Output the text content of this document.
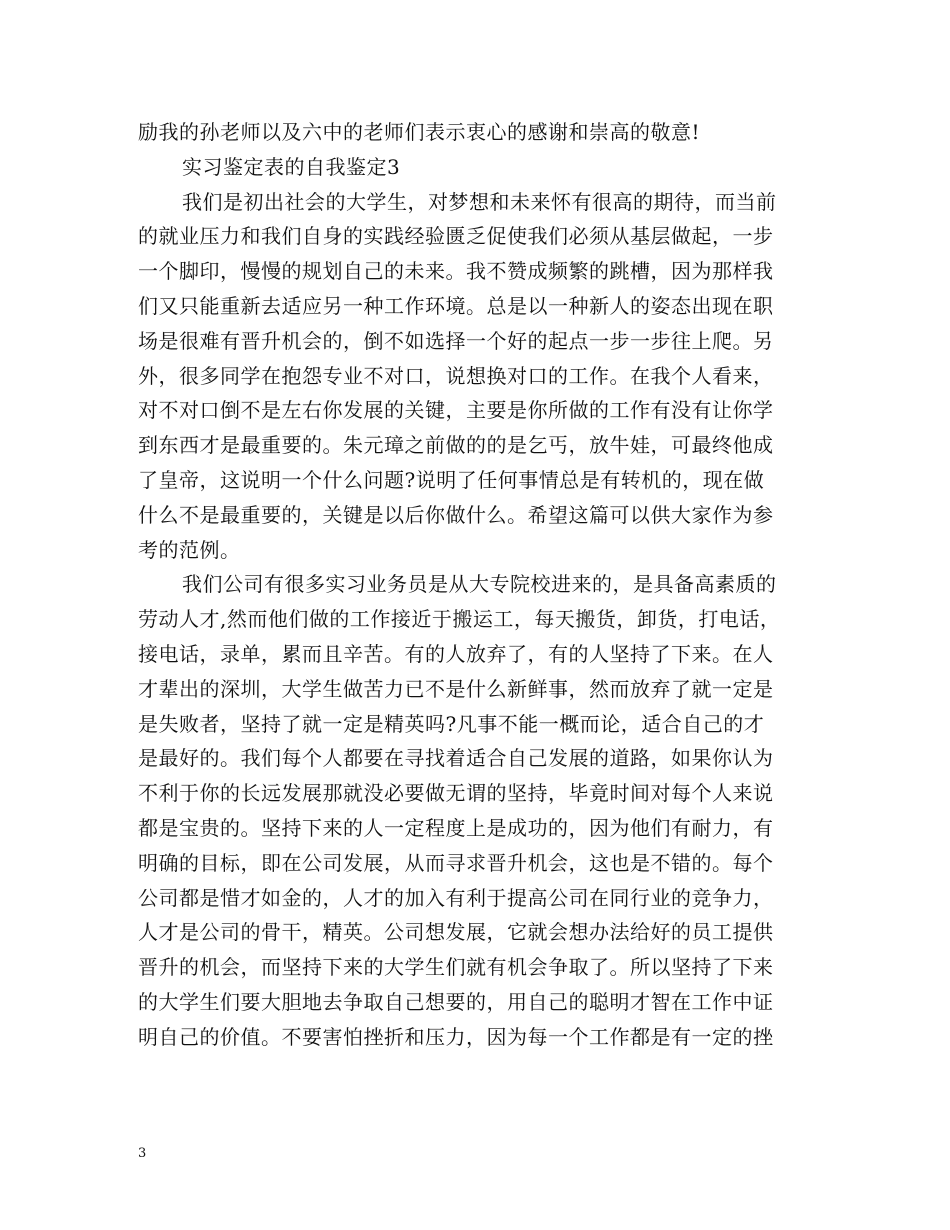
励我的孙老师以及六中的老师们表示衷心的感谢和崇高的敬意!
实习鉴定表的自我鉴定3
我们是初出社会的大学生，对梦想和未来怀有很高的期待，而当前
的就业压力和我们自身的实践经验匮乏促使我们必须从基层做起，一步
一个脚印，慢慢的规划自己的未来。我不赞成频繁的跳槽，因为那样我
们又只能重新去适应另一种工作环境。总是以一种新人的姿态出现在职
场是很难有晋升机会的，倒不如选择一个好的起点一步一步往上爬。另
外，很多同学在抱怨专业不对口，说想换对口的工作。在我个人看来，
对不对口倒不是左右你发展的关键，主要是你所做的工作有没有让你学
到东西才是最重要的。朱元璋之前做的的是乞丐，放牛娃，可最终他成
了皇帝，这说明一个什么问题?说明了任何事情总是有转机的，现在做
什么不是最重要的，关键是以后你做什么。希望这篇可以供大家作为参
考的范例。
我们公司有很多实习业务员是从大专院校进来的，是具备高素质的
劳动人才,然而他们做的工作接近于搬运工，每天搬货，卸货，打电话，
接电话，录单，累而且辛苦。有的人放弃了，有的人坚持了下来。在人
才辈出的深圳，大学生做苦力已不是什么新鲜事，然而放弃了就一定是
是失败者，坚持了就一定是精英吗?凡事不能一概而论，适合自己的才
是最好的。我们每个人都要在寻找着适合自己发展的道路，如果你认为
不利于你的长远发展那就没必要做无谓的坚持，毕竟时间对每个人来说
都是宝贵的。坚持下来的人一定程度上是成功的，因为他们有耐力，有
明确的目标，即在公司发展，从而寻求晋升机会，这也是不错的。每个
公司都是惜才如金的，人才的加入有利于提高公司在同行业的竞争力，
人才是公司的骨干，精英。公司想发展，它就会想办法给好的员工提供
晋升的机会，而坚持下来的大学生们就有机会争取了。所以坚持了下来
的大学生们要大胆地去争取自己想要的，用自己的聪明才智在工作中证
明自己的价值。不要害怕挫折和压力，因为每一个工作都是有一定的挫
3
